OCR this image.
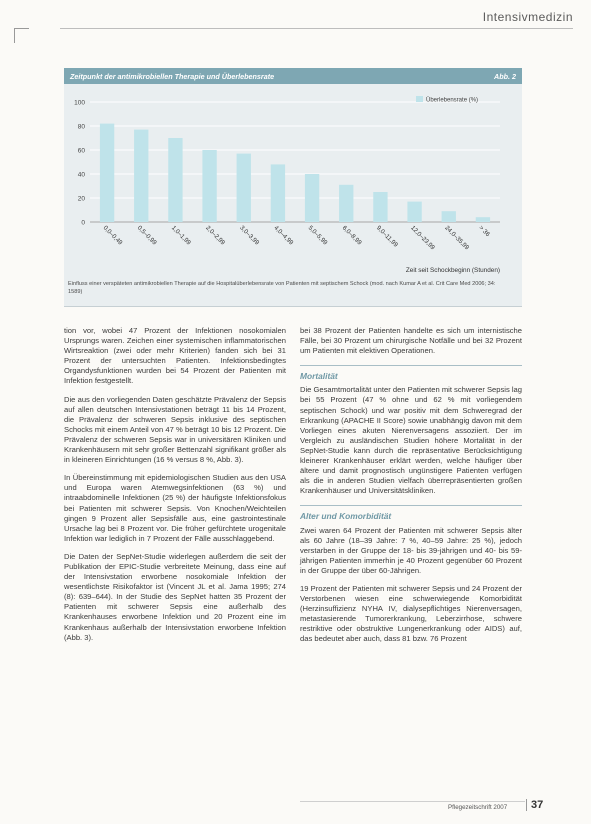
Intensivmedizin
Zeitpunkt der antimikrobiellen Therapie und Überlebensrate	Abb. 2
0
20
40
60
80
100
0,0–0,49 0,5–0,99 1,0–1,99 2,0–2,99 3,0–3,99 4,0–4,99 5,0–5,99 6,0–8,99 9,0–11,99 12,0–23,99 24,0–35,99 > 36
Zeit seit Schockbeginn (Stunden)
Überlebensrate (%)
Einfluss einer verspäteten antimikrobiellen Therapie auf die Hospitalüberlebensrate von Patienten mit septischem Schock (mod. nach Kumar A et al. Crit Care Med 2006; 34: 1589)

tion vor, wobei 47 Prozent der Infektionen nosokomialen Ursprungs waren. Zeichen einer systemischen inflammatorischen Wirtsreaktion (zwei oder mehr Kriterien) fanden sich bei 31 Prozent der untersuchten Patienten. Infektionsbedingtes Organdysfunktionen wurden bei 54 Prozent der Patienten mit Infektion festgestellt.

Die aus den vorliegenden Daten geschätzte Prävalenz der Sepsis auf allen deutschen Intensivstationen beträgt 11 bis 14 Prozent, die Prävalenz der schweren Sepsis inklusive des septischen Schocks mit einem Anteil von 47 % beträgt 10 bis 12 Prozent. Die Prävalenz der schweren Sepsis war in universitären Kliniken und Krankenhäusern mit sehr großer Bettenzahl signifikant größer als in kleineren Einrichtungen (16 % versus 8 %, Abb. 3).

In Übereinstimmung mit epidemiologischen Studien aus den USA und Europa waren Atemwegsinfektionen (63 %) und intraabdominelle Infektionen (25 %) der häufigste Infektionsfokus bei Patienten mit schwerer Sepsis. Von Knochen/Weichteilen gingen 9 Prozent aller Sepsisfälle aus, eine gastrointestinale Ursache lag bei 8 Prozent vor. Die früher gefürchtete urogenitale Infektion war lediglich in 7 Prozent der Fälle ausschlaggebend.

Die Daten der SepNet-Studie widerlegen außerdem die seit der Publikation der EPIC-Studie verbreitete Meinung, dass eine auf der Intensivstation erworbene nosokomiale Infektion der wesentlichste Risikofaktor ist (Vincent JL et al. Jama 1995; 274 (8): 639–644). In der Studie des SepNet hatten 35 Prozent der Patienten mit schwerer Sepsis eine außerhalb des Krankenhauses erworbene Infektion und 20 Prozent eine im Krankenhaus außerhalb der Intensivstation erworbene Infektion (Abb. 3).

bei 38 Prozent der Patienten handelte es sich um internistische Fälle, bei 30 Prozent um chirurgische Notfälle und bei 32 Prozent um Patienten mit elektiven Operationen.

Mortalität

Die Gesamtmortalität unter den Patienten mit schwerer Sepsis lag bei 55 Prozent (47 % ohne und 62 % mit vorliegendem septischen Schock) und war positiv mit dem Schweregrad der Erkrankung (APACHE II Score) sowie unabhängig davon mit dem Vorliegen eines akuten Nierenversagens assoziiert. Der im Vergleich zu ausländischen Studien höhere Mortalität in der SepNet-Studie kann durch die repräsentative Berücksichtigung kleinerer Krankenhäuser erklärt werden, welche häufiger über ältere und damit prognostisch ungünstigere Patienten verfügen als die in anderen Studien vielfach überrepräsentierten großen Krankenhäuser und Universitätskliniken.

Alter und Komorbidität

Zwei waren 64 Prozent der Patienten mit schwerer Sepsis älter als 60 Jahre (18–39 Jahre: 7 %, 40–59 Jahre: 25 %), jedoch verstarben in der Gruppe der 18- bis 39-jährigen und 40- bis 59-jährigen Patienten immerhin je 40 Prozent gegenüber 60 Prozent in der Gruppe der über 60-Jährigen.

19 Prozent der Patienten mit schwerer Sepsis und 24 Prozent der Verstorbenen wiesen eine schwerwiegende Komorbidität (Herzinsuffizienz NYHA IV, dialysepflichtiges Nierenversagen, metastasierende Tumorerkrankung, Leberzirrhose, schwere restriktive oder obstruktive Lungenerkrankung oder AIDS) auf, das bedeutet aber auch, dass 81 bzw. 76 Prozent

Pflegezeitschrift 2007	37
